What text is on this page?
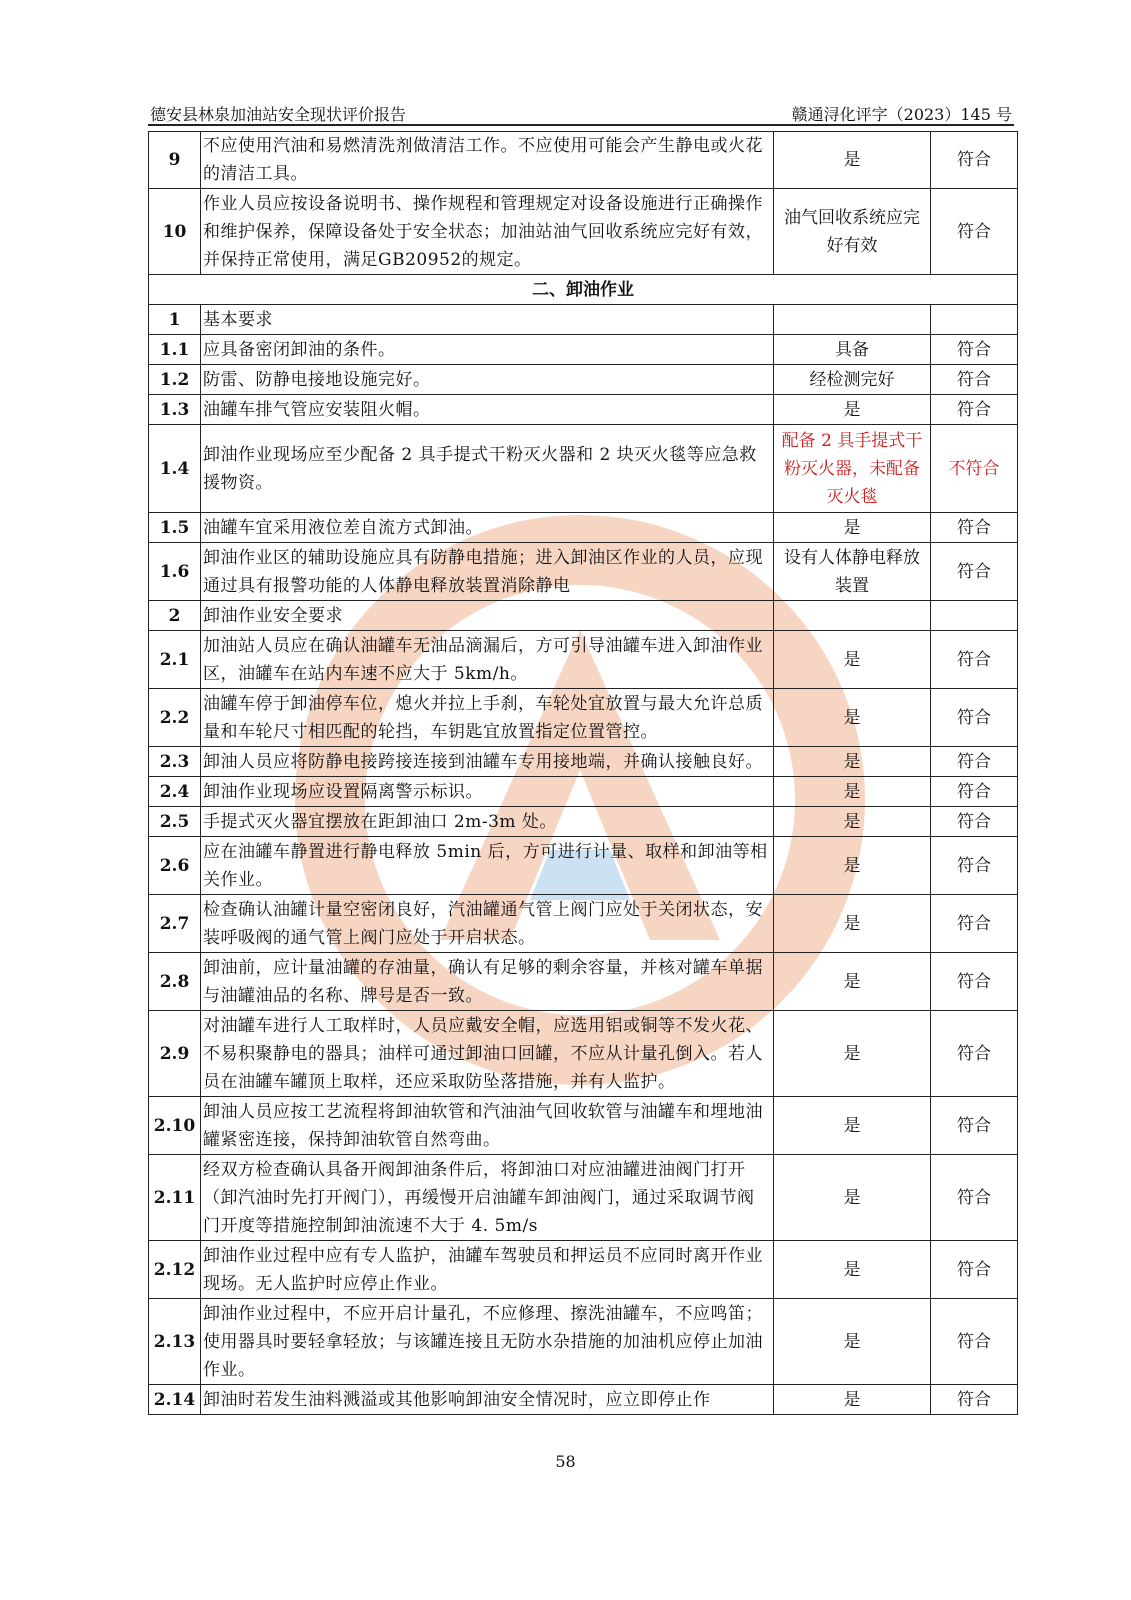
德安县林泉加油站安全现状评价报告	赣通浔化评字（2023）145 号
9	不应使用汽油和易燃清洗剂做清洁工作。不应使用可能会产生静电或火花的清洁工具。	是	符合
10	作业人员应按设备说明书、操作规程和管理规定对设备设施进行正确操作和维护保养，保障设备处于安全状态；加油站油气回收系统应完好有效，并保持正常使用，满足GB20952的规定。	油气回收系统应完好有效	符合
二、卸油作业			
1	基本要求		
1.1	应具备密闭卸油的条件。	具备	符合
1.2	防雷、防静电接地设施完好。	经检测完好	符合
1.3	油罐车排气管应安装阻火帽。	是	符合
1.4	卸油作业现场应至少配备 2 具手提式干粉灭火器和 2 块灭火毯等应急救援物资。	配备 2 具手提式干粉灭火器，未配备灭火毯	不符合
1.5	油罐车宜采用液位差自流方式卸油。	是	符合
1.6	卸油作业区的辅助设施应具有防静电措施；进入卸油区作业的人员，应现通过具有报警功能的人体静电释放装置消除静电	设有人体静电释放装置	符合
2	卸油作业安全要求		
2.1	加油站人员应在确认油罐车无油品滴漏后，方可引导油罐车进入卸油作业区，油罐车在站内车速不应大于 5km/h。	是	符合
2.2	油罐车停于卸油停车位，熄火并拉上手刹，车轮处宜放置与最大允许总质量和车轮尺寸相匹配的轮挡，车钥匙宜放置指定位置管控。	是	符合
2.3	卸油人员应将防静电接跨接连接到油罐车专用接地端，并确认接触良好。	是	符合
2.4	卸油作业现场应设置隔离警示标识。	是	符合
2.5	手提式灭火器宜摆放在距卸油口 2m-3m 处。	是	符合
2.6	应在油罐车静置进行静电释放 5min 后，方可进行计量、取样和卸油等相关作业。	是	符合
2.7	检查确认油罐计量空密闭良好，汽油罐通气管上阀门应处于关闭状态，安装呼吸阀的通气管上阀门应处于开启状态。	是	符合
2.8	卸油前，应计量油罐的存油量，确认有足够的剩余容量，并核对罐车单据与油罐油品的名称、牌号是否一致。	是	符合
2.9	对油罐车进行人工取样时，人员应戴安全帽，应选用铝或铜等不发火花、不易积聚静电的器具；油样可通过卸油口回罐，不应从计量孔倒入。若人员在油罐车罐顶上取样，还应采取防坠落措施，并有人监护。	是	符合
2.10	卸油人员应按工艺流程将卸油软管和汽油油气回收软管与油罐车和埋地油罐紧密连接，保持卸油软管自然弯曲。	是	符合
2.11	经双方检查确认具备开阀卸油条件后，将卸油口对应油罐进油阀门打开（卸汽油时先打开阀门），再缓慢开启油罐车卸油阀门，通过采取调节阀门开度等措施控制卸油流速不大于 4. 5m/s	是	符合
2.12	卸油作业过程中应有专人监护，油罐车驾驶员和押运员不应同时离开作业现场。无人监护时应停止作业。	是	符合
2.13	卸油作业过程中，不应开启计量孔，不应修理、擦洗油罐车，不应鸣笛；使用器具时要轻拿轻放；与该罐连接且无防水杂措施的加油机应停止加油作业。	是	符合
2.14	卸油时若发生油料溅溢或其他影响卸油安全情况时，应立即停止作	是	符合
58
